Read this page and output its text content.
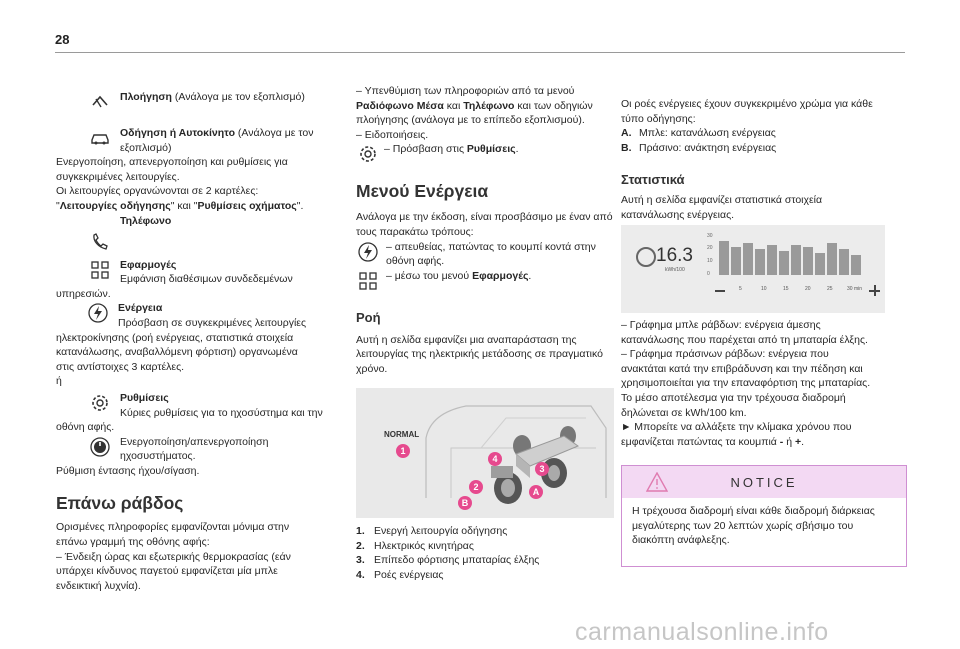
28

Πλοήγηση (Ανάλογα με τον εξοπλισμό)

Οδήγηση ή Αυτοκίνητο (Ανάλογα με τον εξοπλισμό)

Ενεργοποίηση, απενεργοποίηση και ρυθμίσεις για

συγκεκριμένες λειτουργίες.

Οι λειτουργίες οργανώνονται σε 2 καρτέλες:

"Λειτουργίες οδήγησης" και "Ρυθμίσεις οχήματος".

Τηλέφωνο

Εφαρμογές

Εμφάνιση διαθέσιμων συνδεδεμένων

υπηρεσιών.

Ενέργεια

Πρόσβαση σε συγκεκριμένες λειτουργίες

ηλεκτροκίνησης (ροή ενέργειας, στατιστικά στοιχεία

κατανάλωσης, αναβαλλόμενη φόρτιση) οργανωμένα

στις αντίστοιχες 3 καρτέλες.

ή

Ρυθμίσεις

Κύριες ρυθμίσεις για το ηχοσύστημα και την

οθόνη αφής.

Ενεργοποίηση/απενεργοποίηση

ηχοσυστήματος.

Ρύθμιση έντασης ήχου/σίγαση.

Επάνω ράβδος

Ορισμένες πληροφορίες εμφανίζονται μόνιμα στην

επάνω γραμμή της οθόνης αφής:

– Ένδειξη ώρας και εξωτερικής θερμοκρασίας (εάν

υπάρχει κίνδυνος παγετού εμφανίζεται μία μπλε

ενδεικτική λυχνία).

– Υπενθύμιση των πληροφοριών από τα μενού

Ραδιόφωνο Μέσα και Τηλέφωνο και των οδηγιών

πλοήγησης (ανάλογα με το επίπεδο εξοπλισμού).

– Ειδοποιήσεις.

– Πρόσβαση στις Ρυθμίσεις.

Μενού Ενέργεια

Ανάλογα με την έκδοση, είναι προσβάσιμο με έναν από

τους παρακάτω τρόπους:

– απευθείας, πατώντας το κουμπί κοντά στην

οθόνη αφής.

– μέσω του μενού Εφαρμογές.

Ροή

Αυτή η σελίδα εμφανίζει μια αναπαράσταση της

λειτουργίας της ηλεκτρικής μετάδοσης σε πραγματικό

χρόνο.

NORMAL
1
2
3
4
A
B

1. Ενεργή λειτουργία οδήγησης

2. Ηλεκτρικός κινητήρας

3. Επίπεδο φόρτισης μπαταρίας έλξης

4. Ροές ενέργειας

Οι ροές ενέργειες έχουν συγκεκριμένο χρώμα για κάθε

τύπο οδήγησης:

A. Μπλε: κατανάλωση ενέργειας

B. Πράσινο: ανάκτηση ενέργειας

Στατιστικά

Αυτή η σελίδα εμφανίζει στατιστικά στοιχεία

κατανάλωσης ενέργειας.

16.3
kWh/100
30
20
10
0
5	10	15	20	25	30 min

– Γράφημα μπλε ράβδων: ενέργεια άμεσης

κατανάλωσης που παρέχεται από τη μπαταρία έλξης.

– Γράφημα πράσινων ράβδων: ενέργεια που

ανακτάται κατά την επιβράδυνση και την πέδηση και

χρησιμοποιείται για την επαναφόρτιση της μπαταρίας.

Το μέσο αποτέλεσμα για την τρέχουσα διαδρομή

δηλώνεται σε kWh/100 km.

► Μπορείτε να αλλάξετε την κλίμακα χρόνου που

εμφανίζεται πατώντας τα κουμπιά - ή +.

NOTICE

Η τρέχουσα διαδρομή είναι κάθε διαδρομή διάρκειας

μεγαλύτερης των 20 λεπτών χωρίς σβήσιμο του

διακόπτη ανάφλεξης.

carmanualsonline.info
